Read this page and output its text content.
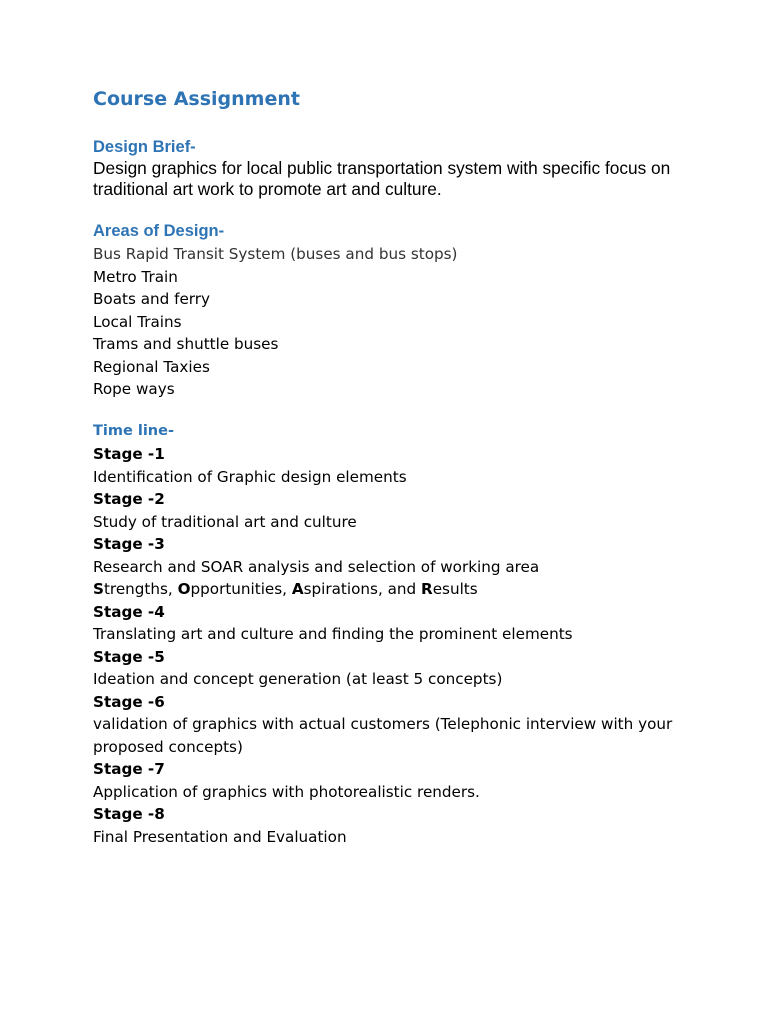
Course Assignment
Design Brief-
Design graphics for local public transportation system with specific focus on traditional art work to promote art and culture.
Areas of Design-
Bus Rapid Transit System (buses and bus stops)
Metro Train
Boats and ferry
Local Trains
Trams and shuttle buses
Regional Taxies
Rope ways
Time line-
Stage -1
Identification of Graphic design elements
Stage -2
Study of traditional art and culture
Stage -3
Research and SOAR analysis and selection of working area
Strengths, Opportunities, Aspirations, and Results
Stage -4
Translating art and culture and finding the prominent elements
Stage -5
Ideation and concept generation (at least 5 concepts)
Stage -6
validation of graphics with actual customers (Telephonic interview with your proposed concepts)
Stage -7
Application of graphics with photorealistic renders.
Stage -8
Final Presentation and Evaluation
